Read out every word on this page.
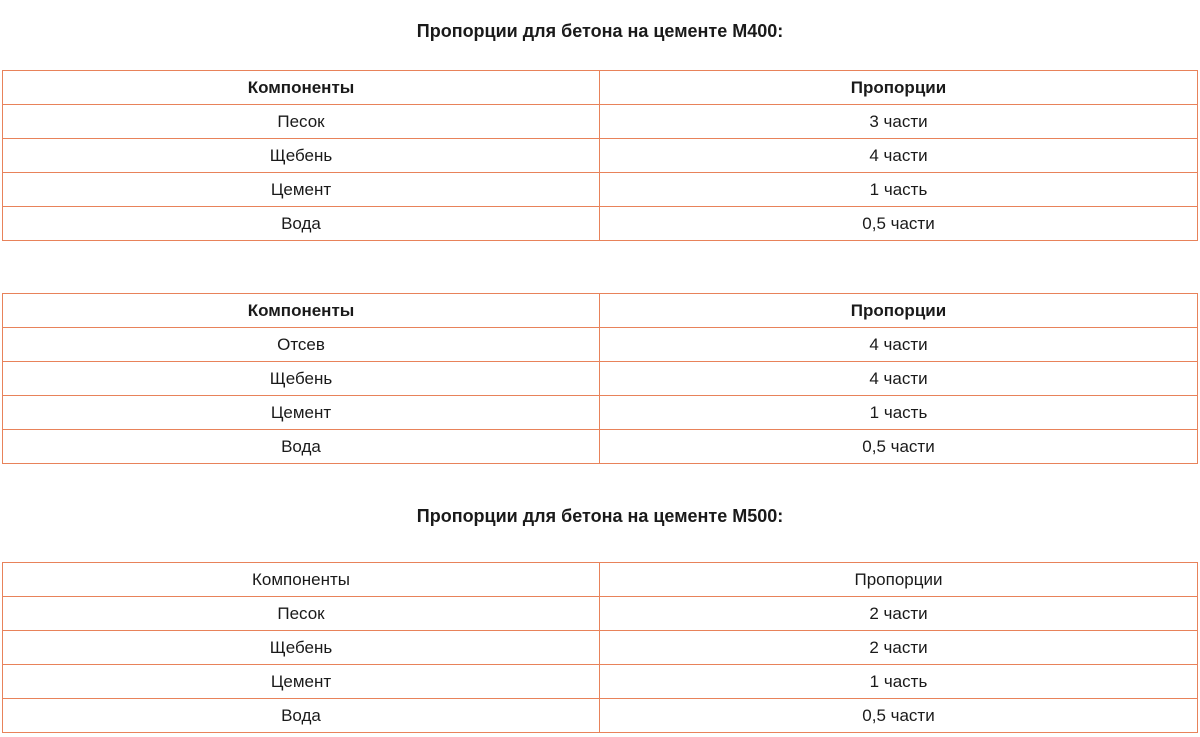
Пропорции для бетона на цементе М400:
Компоненты	Пропорции
Песок	3 части
Щебень	4 части
Цемент	1 часть
Вода	0,5 части
Компоненты	Пропорции
Отсев	4 части
Щебень	4 части
Цемент	1 часть
Вода	0,5 части
Пропорции для бетона на цементе М500:
Компоненты	Пропорции
Песок	2 части
Щебень	2 части
Цемент	1 часть
Вода	0,5 части
